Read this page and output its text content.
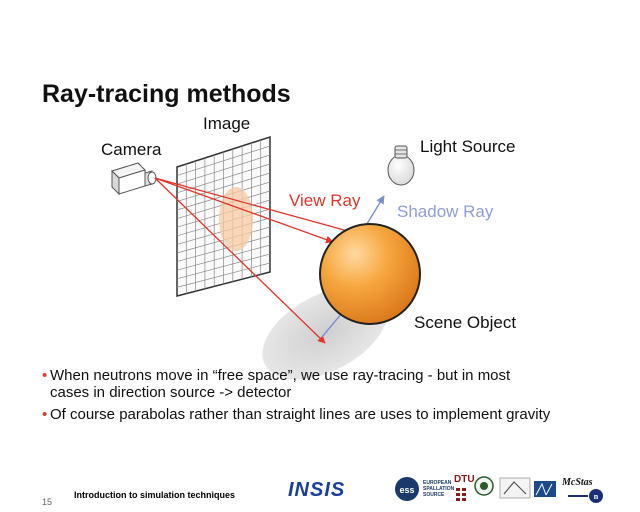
Ray-tracing methods
Image
Camera	Light Source
View Ray
Shadow Ray
Scene Object
ess
n
• When neutrons move in “free space”, we use ray-tracing - but in most
cases in direction source -> detector
• Of course parabolas rather than straight lines are uses to implement gravity
Introduction to simulation techniques
15
INSIS	EUROPEAN
SPALLATION
SOURCE
DTU	McStas
